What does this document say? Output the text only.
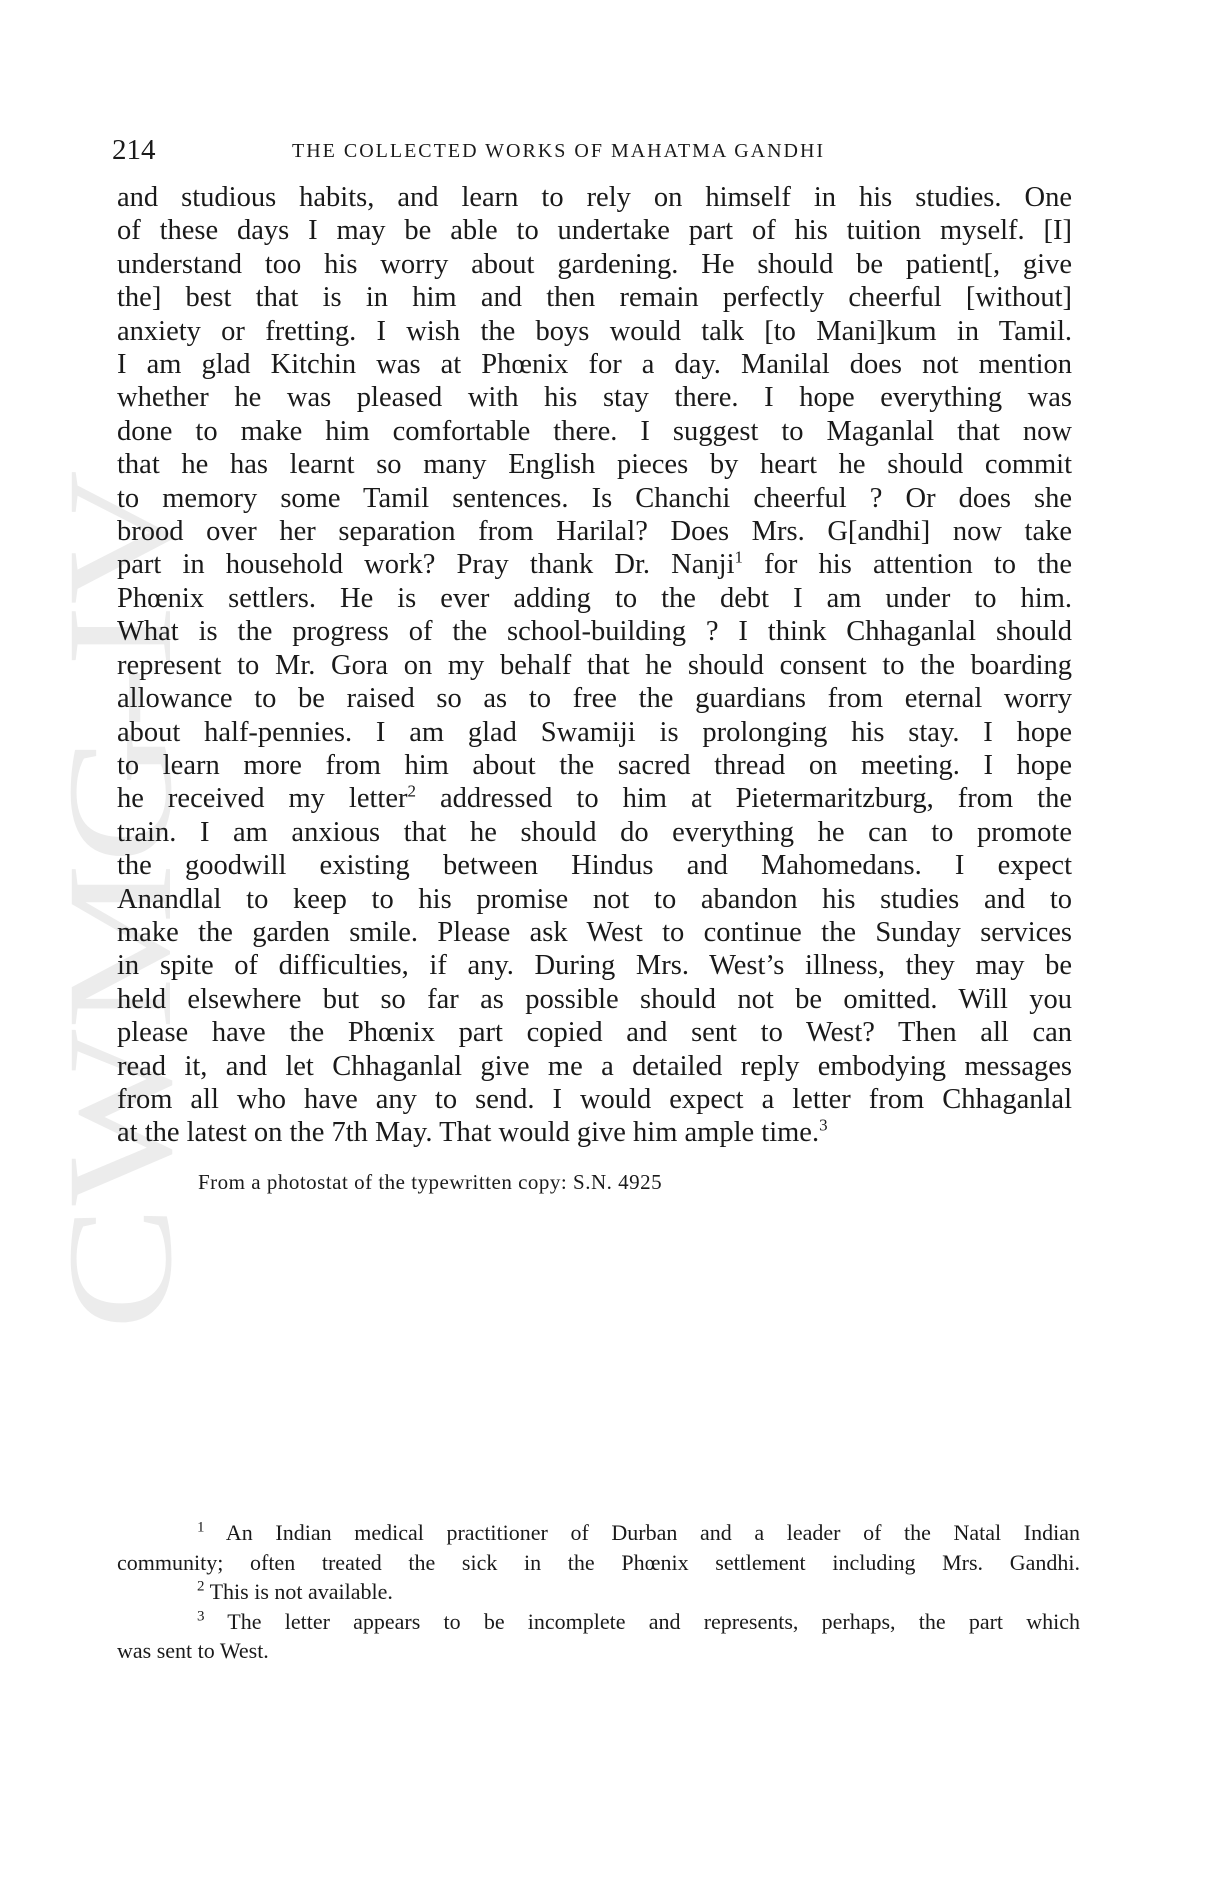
CWMG-IV
214	THE COLLECTED WORKS OF MAHATMA GANDHI
and studious habits, and learn to rely on himself in his studies. One
of these days I may be able to undertake part of his tuition myself. [I]
understand too his worry about gardening. He should be patient[, give
the] best that is in him and then remain perfectly cheerful [without]
anxiety or fretting. I wish the boys would talk [to Mani]kum in Tamil.
I am glad Kitchin was at Phœnix for a day. Manilal does not mention
whether he was pleased with his stay there. I hope everything was
done to make him comfortable there. I suggest to Maganlal that now
that he has learnt so many English pieces by heart he should commit
to memory some Tamil sentences. Is Chanchi cheerful ? Or does she
brood over her separation from Harilal? Does Mrs. G[andhi] now take
part in household work? Pray thank Dr. Nanji$^1$ for his attention to the
Phœnix settlers. He is ever adding to the debt I am under to him.
What is the progress of the school-building ? I think Chhaganlal should
represent to Mr. Gora on my behalf that he should consent to the boarding
allowance to be raised so as to free the guardians from eternal worry
about half-pennies. I am glad Swamiji is prolonging his stay. I hope
to learn more from him about the sacred thread on meeting. I hope
he received my letter$^2$ addressed to him at Pietermaritzburg, from the
train. I am anxious that he should do everything he can to promote
the goodwill existing between Hindus and Mahomedans. I expect
Anandlal to keep to his promise not to abandon his studies and to
make the garden smile. Please ask West to continue the Sunday services
in spite of difficulties, if any. During Mrs. West’s illness, they may be
held elsewhere but so far as possible should not be omitted. Will you
please have the Phœnix part copied and sent to West? Then all can
read it, and let Chhaganlal give me a detailed reply embodying messages
from all who have any to send. I would expect a letter from Chhaganlal
at the latest on the 7th May. That would give him ample time.$^3$
From a photostat of the typewritten copy: S.N. 4925
$^1$ An Indian medical practitioner of Durban and a leader of the Natal Indian
community; often treated the sick in the Phœnix settlement including Mrs. Gandhi.
$^2$ This is not available.
$^3$ The letter appears to be incomplete and represents, perhaps, the part which
was sent to West.
